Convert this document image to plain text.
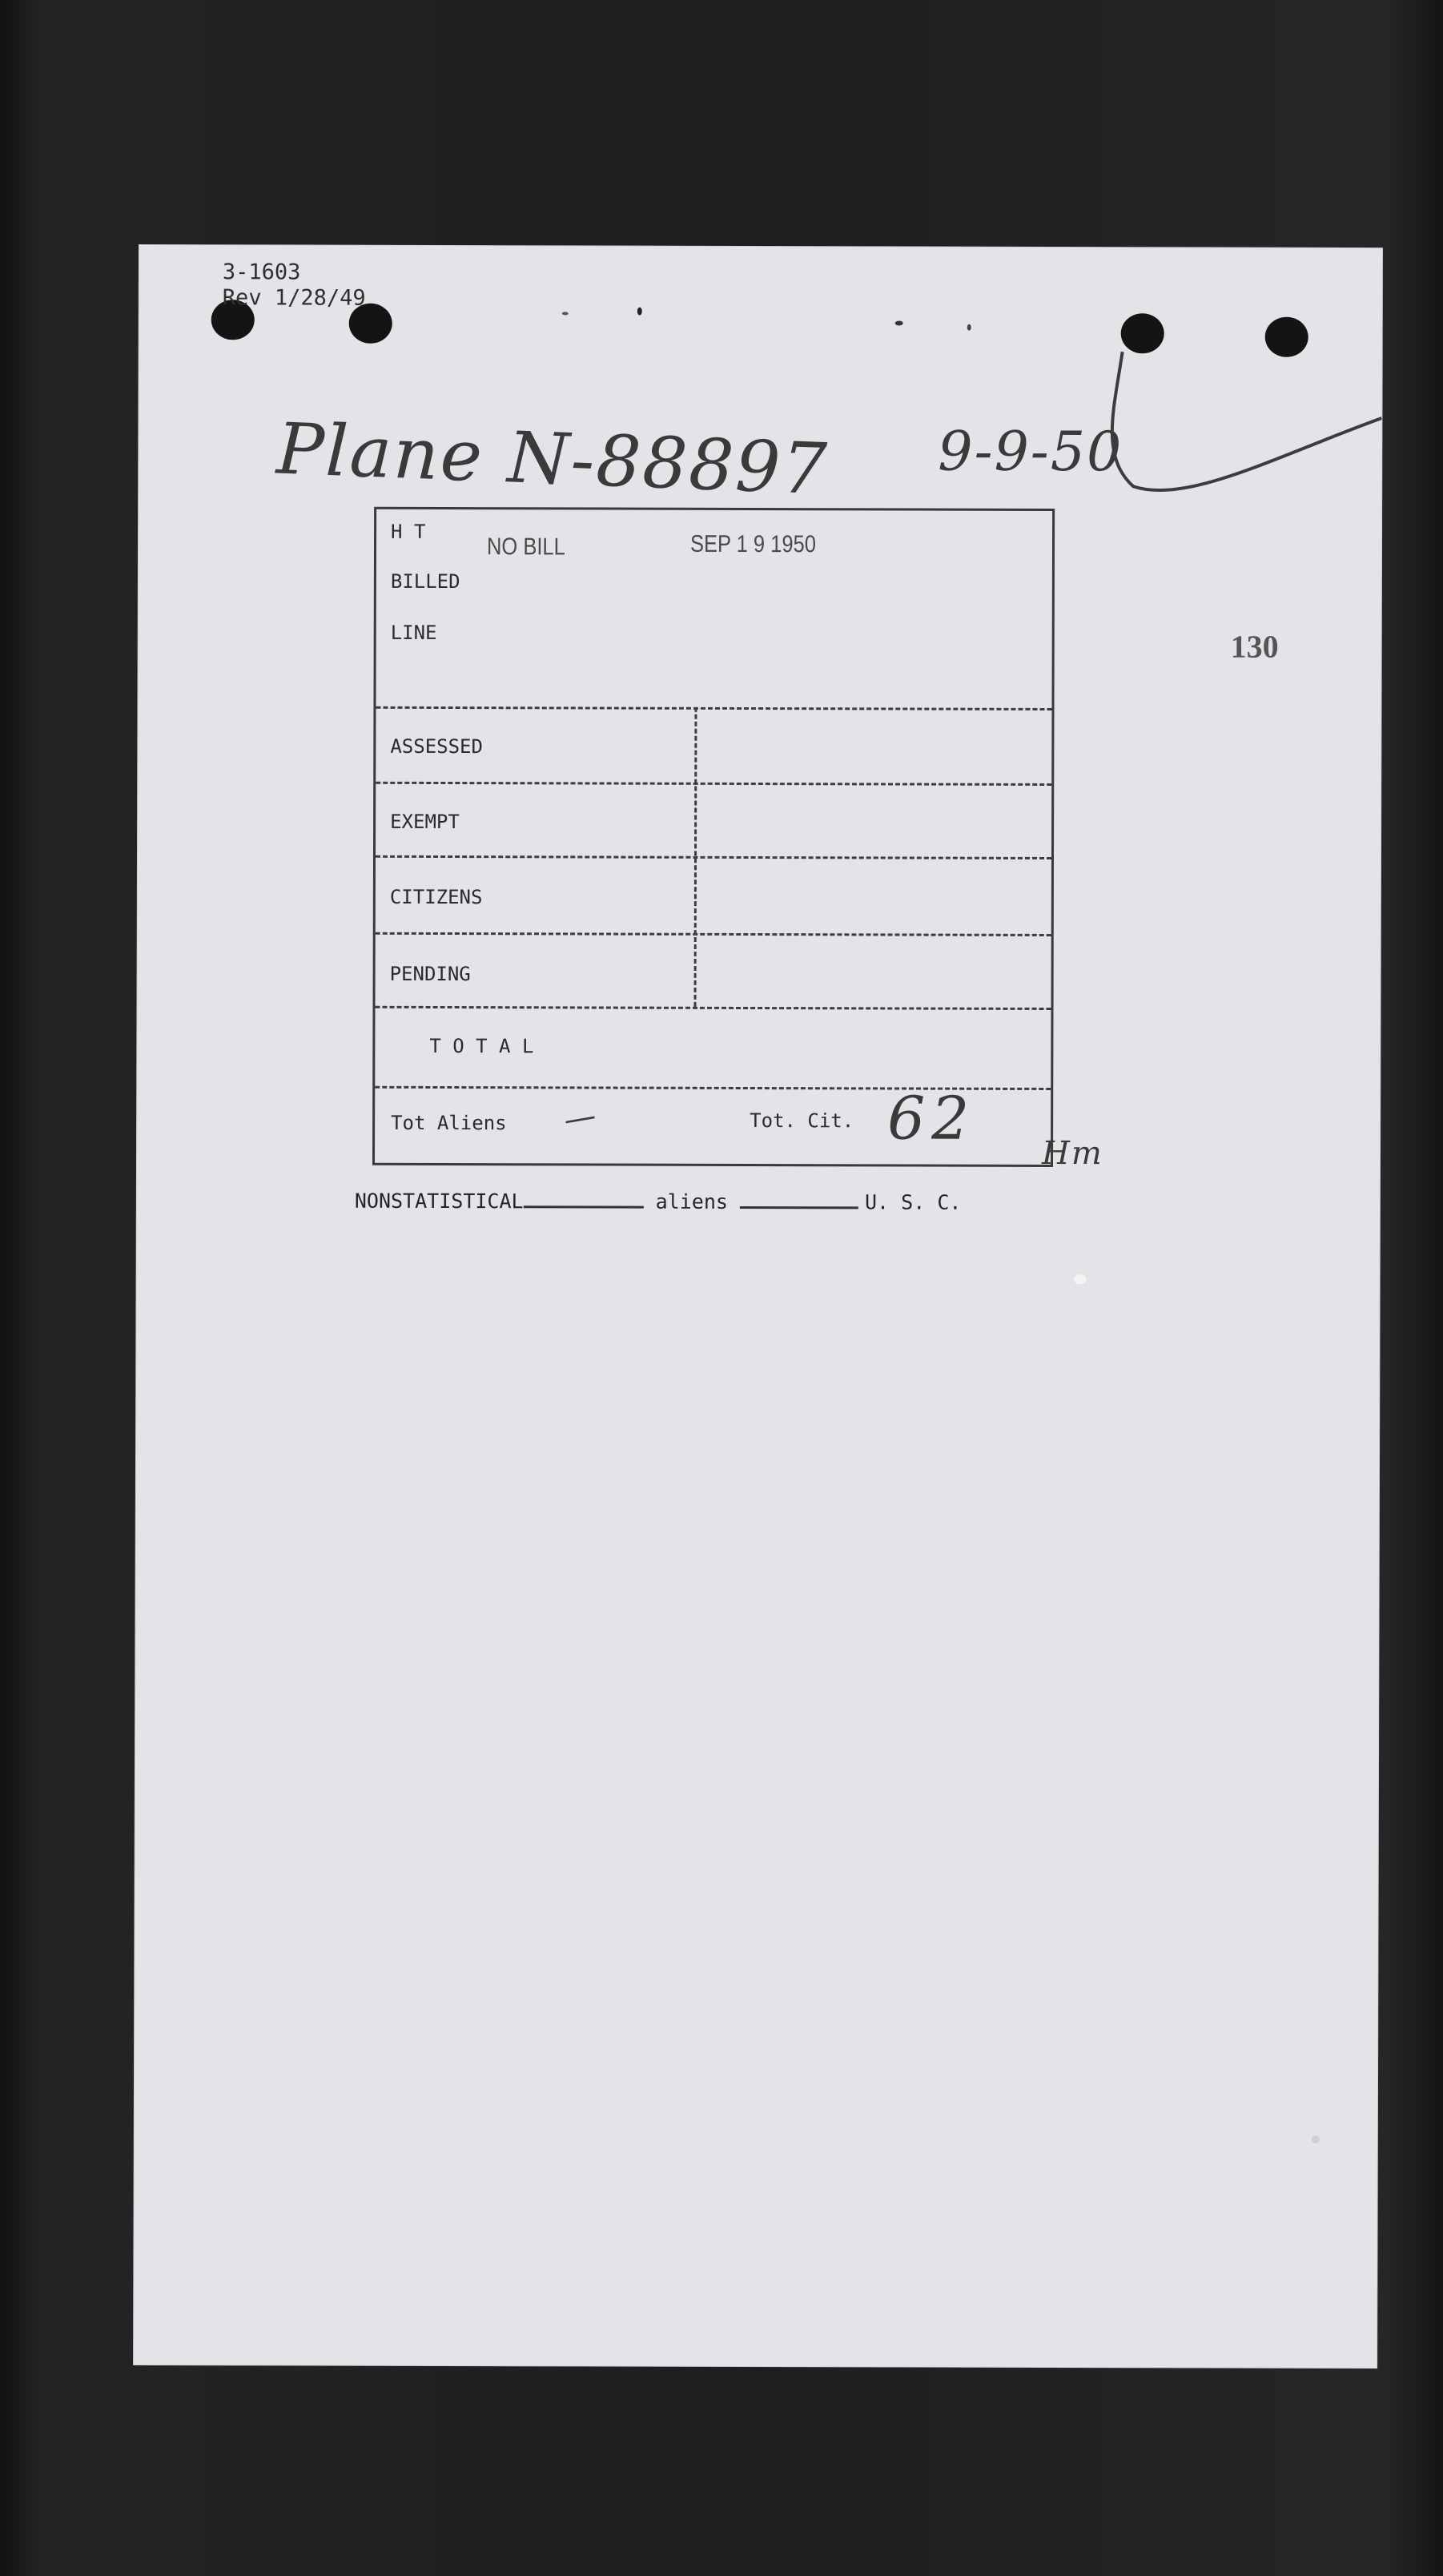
3-1603
Rev 1/28/49
Plane N-88897 9-9-50
130
H T
BILLED
LINE
NO BILL	SEP 1 9 1950
ASSESSED
EXEMPT
CITIZENS
PENDING
T O T A L
Tot Aliens —	Tot. Cit. 62
Hm
NONSTATISTICAL	aliens	U. S. C.
